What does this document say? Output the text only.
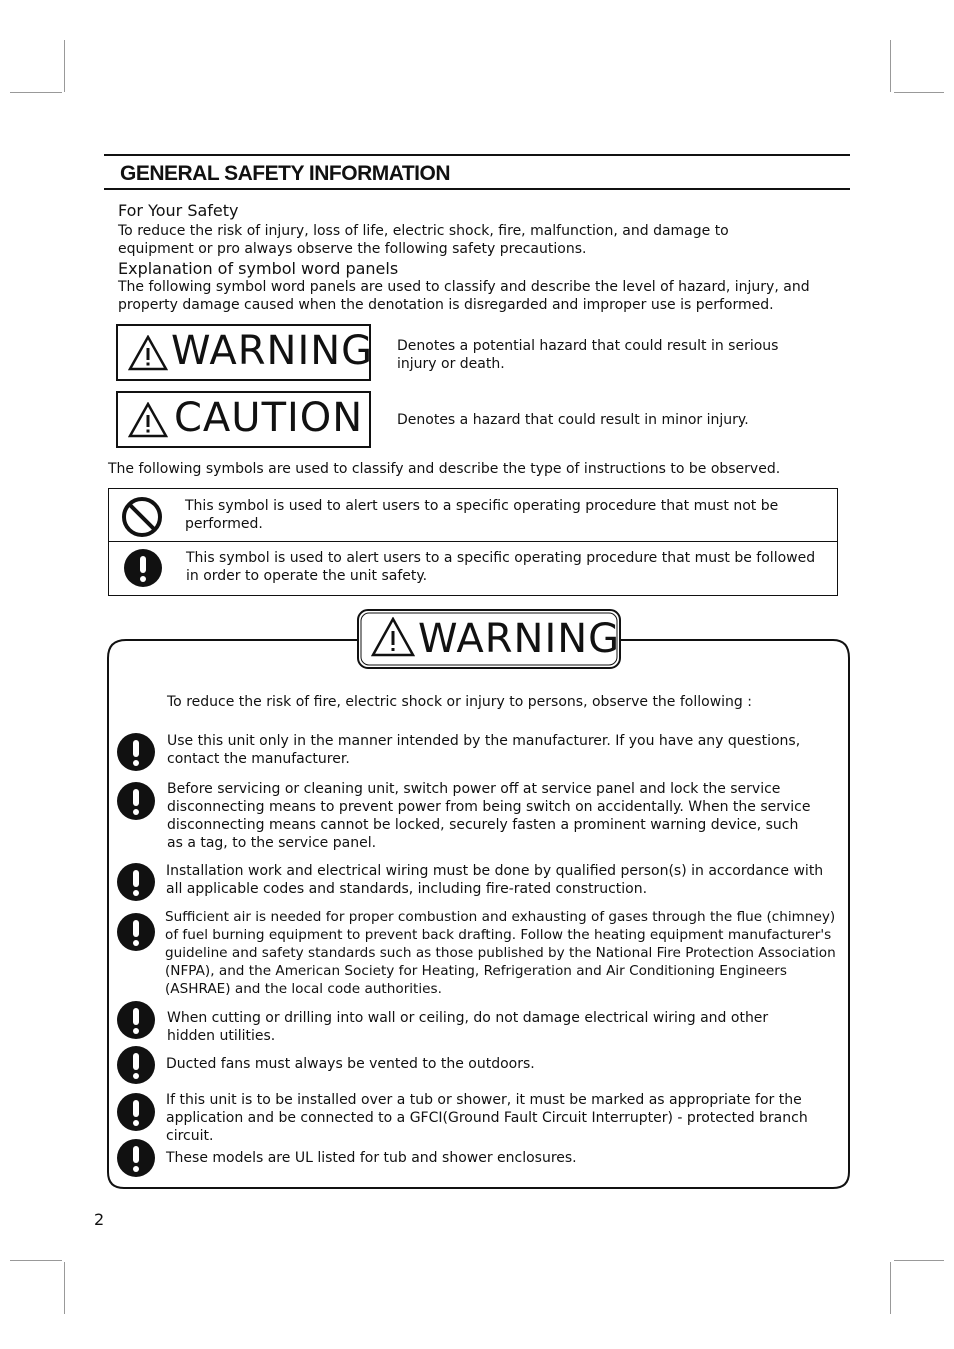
GENERAL SAFETY INFORMATION
For Your Safety
To reduce the risk of injury, loss of life, electric shock, fire, malfunction, and damage to
equipment or pro always observe the following safety precautions.
Explanation of symbol word panels
The following symbol word panels are used to classify and describe the level of hazard, injury, and
property damage caused when the denotation is disregarded and improper use is performed.
WARNING Denotes a potential hazard that could result in serious
injury or death.
CAUTION Denotes a hazard that could result in minor injury.
The following symbols are used to classify and describe the type of instructions to be observed.
This symbol is used to alert users to a specific operating procedure that must not be
performed.
This symbol is used to alert users to a specific operating procedure that must be followed
in order to operate the unit safety.
WARNING
To reduce the risk of fire, electric shock or injury to persons, observe the following :
Use this unit only in the manner intended by the manufacturer. If you have any questions,
contact the manufacturer.
Before servicing or cleaning unit, switch power off at service panel and lock the service
disconnecting means to prevent power from being switch on accidentally. When the service
disconnecting means cannot be locked, securely fasten a prominent warning device, such
as a tag, to the service panel.
Installation work and electrical wiring must be done by qualified person(s) in accordance with
all applicable codes and standards, including fire-rated construction.
Sufficient air is needed for proper combustion and exhausting of gases through the flue (chimney)
of fuel burning equipment to prevent back drafting. Follow the heating equipment manufacturer's
guideline and safety standards such as those published by the National Fire Protection Association
(NFPA), and the American Society for Heating, Refrigeration and Air Conditioning Engineers
(ASHRAE) and the local code authorities.
When cutting or drilling into wall or ceiling, do not damage electrical wiring and other
hidden utilities.
Ducted fans must always be vented to the outdoors.
If this unit is to be installed over a tub or shower, it must be marked as appropriate for the
application and be connected to a GFCI(Ground Fault Circuit Interrupter) - protected branch
circuit.
These models are UL listed for tub and shower enclosures.
2
